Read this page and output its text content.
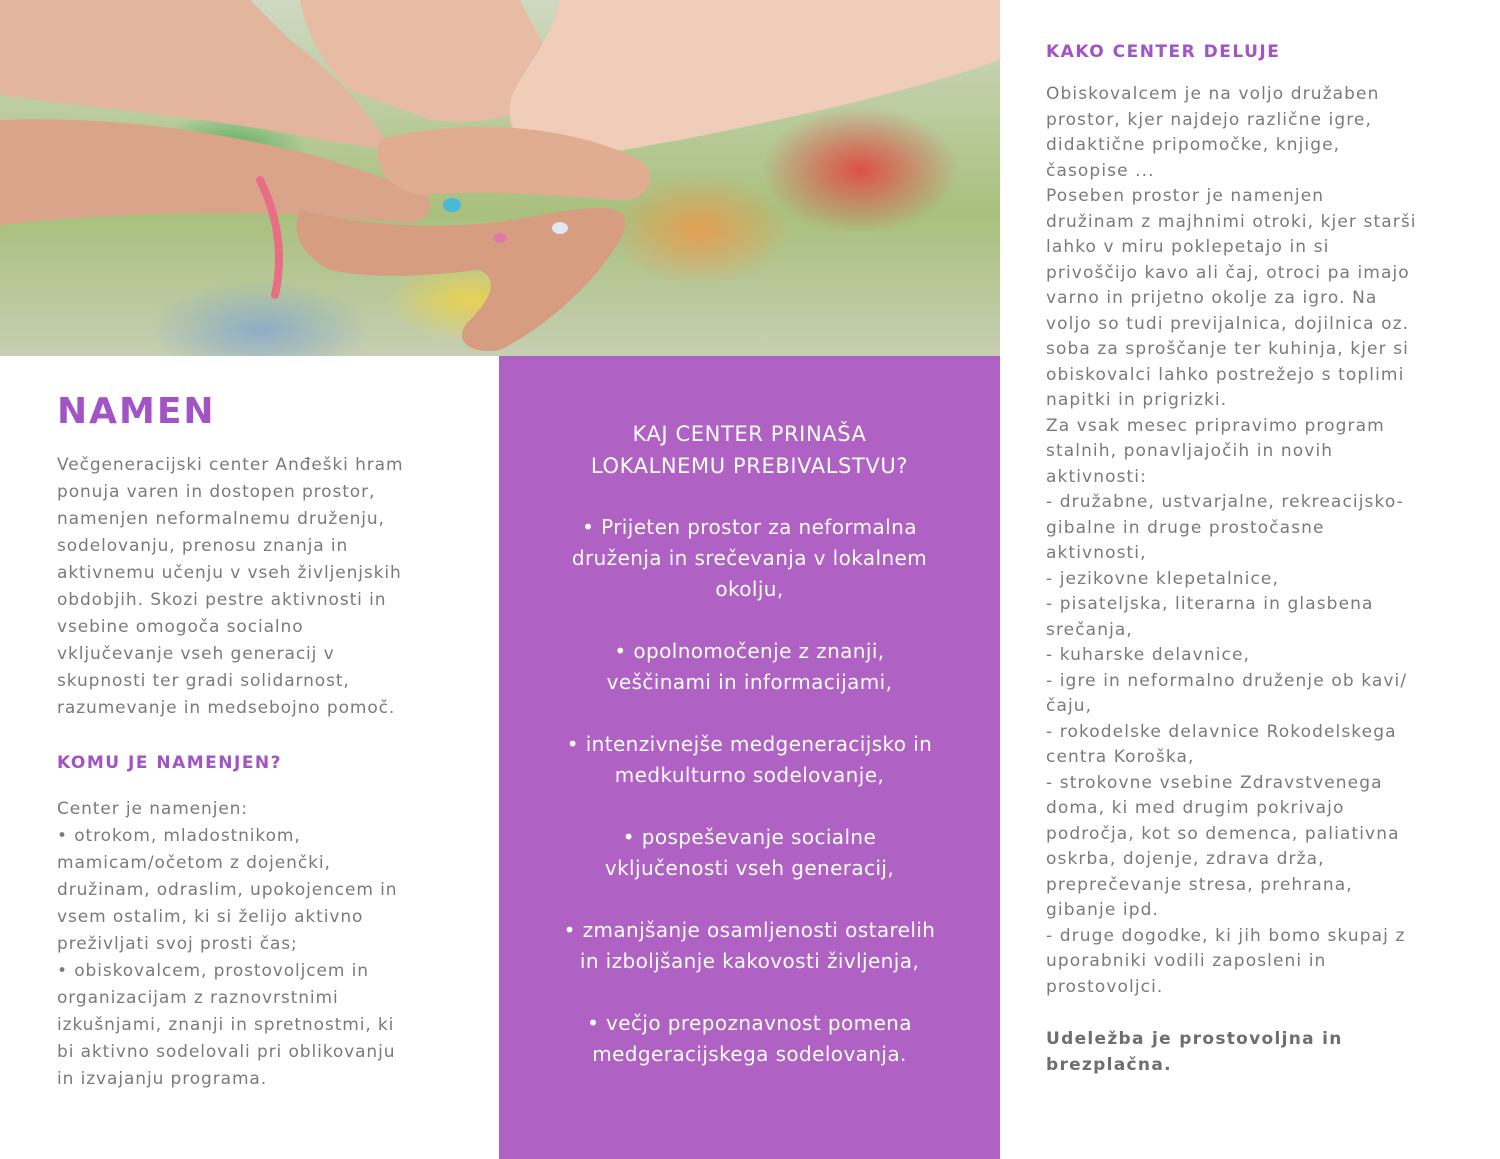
NAMEN

Večgeneracijski center Anđeški hram
ponuja varen in dostopen prostor,
namenjen neformalnemu druženju,
sodelovanju, prenosu znanja in
aktivnemu učenju v vseh življenjskih
obdobjih. Skozi pestre aktivnosti in
vsebine omogoča socialno
vključevanje vseh generacij v
skupnosti ter gradi solidarnost,
razumevanje in medsebojno pomoč.

KOMU JE NAMENJEN?

Center je namenjen:
• otrokom, mladostnikom,
mamicam/očetom z dojenčki,
družinam, odraslim, upokojencem in
vsem ostalim, ki si želijo aktivno
preživljati svoj prosti čas;
• obiskovalcem, prostovoljcem in
organizacijam z raznovrstnimi
izkušnjami, znanji in spretnostmi, ki
bi aktivno sodelovali pri oblikovanju
in izvajanju programa.

KAJ CENTER PRINAŠA
LOKALNEMU PREBIVALSTVU?
• Prijeten prostor za neformalna
druženja in srečevanja v lokalnem
okolju,
• opolnomočenje z znanji,
veščinami in informacijami,
• intenzivnejše medgeneracijsko in
medkulturno sodelovanje,
• pospeševanje socialne
vključenosti vseh generacij,
• zmanjšanje osamljenosti ostarelih
in izboljšanje kakovosti življenja,
• večjo prepoznavnost pomena
medgeracijskega sodelovanja.
KAKO CENTER DELUJE

Obiskovalcem je na voljo družaben
prostor, kjer najdejo različne igre,
didaktične pripomočke, knjige,
časopise ...
Poseben prostor je namenjen
družinam z majhnimi otroki, kjer starši
lahko v miru poklepetajo in si
privoščijo kavo ali čaj, otroci pa imajo
varno in prijetno okolje za igro. Na
voljo so tudi previjalnica, dojilnica oz.
soba za sproščanje ter kuhinja, kjer si
obiskovalci lahko postrežejo s toplimi
napitki in prigrizki.
Za vsak mesec pripravimo program
stalnih, ponavljajočih in novih
aktivnosti:
- družabne, ustvarjalne, rekreacijsko-
gibalne in druge prostočasne
aktivnosti,
- jezikovne klepetalnice,
- pisateljska, literarna in glasbena
srečanja,
- kuharske delavnice,
- igre in neformalno druženje ob kavi/
čaju,
- rokodelske delavnice Rokodelskega
centra Koroška,
- strokovne vsebine Zdravstvenega
doma, ki med drugim pokrivajo
področja, kot so demenca, paliativna
oskrba, dojenje, zdrava drža,
preprečevanje stresa, prehrana,
gibanje ipd.
- druge dogodke, ki jih bomo skupaj z
uporabniki vodili zaposleni in
prostovoljci.

Udeležba je prostovoljna in
brezplačna.
